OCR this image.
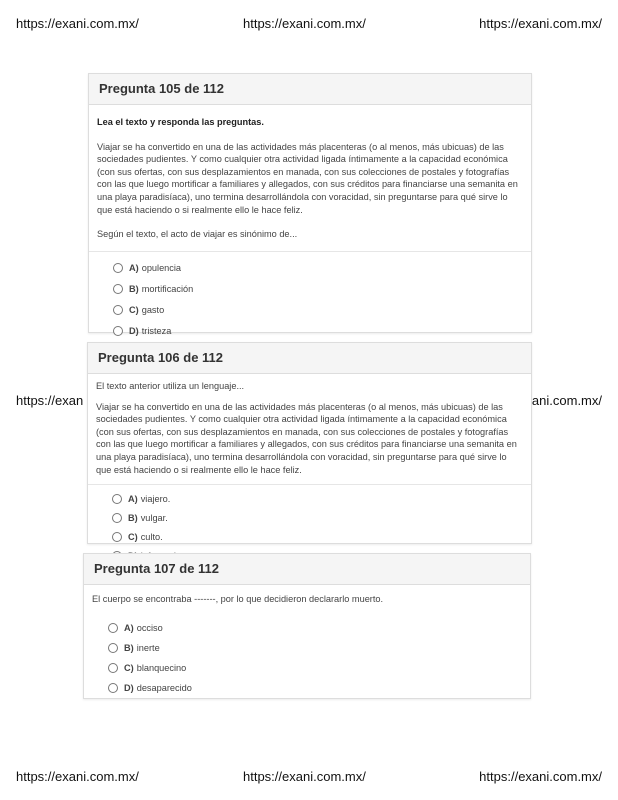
https://exani.com.mx/	https://exani.com.mx/	https://exani.com.mx/
https://exan	ani.com.mx/
Pregunta 105 de 112
Lea el texto y responda las preguntas.
Viajar se ha convertido en una de las actividades más placenteras (o al menos, más ubicuas) de las sociedades pudientes. Y como cualquier otra actividad ligada íntimamente a la capacidad económica (con sus ofertas, con sus desplazamientos en manada, con sus colecciones de postales y fotografías con las que luego mortificar a familiares y allegados, con sus créditos para financiarse una semanita en una playa paradisíaca), uno termina desarrollándola con voracidad, sin preguntarse para qué sirve lo que está haciendo o si realmente ello le hace feliz.
Según el texto, el acto de viajar es sinónimo de...
A) opulencia
B) mortificación
C) gasto
D) tristeza
Pregunta 106 de 112
El texto anterior utiliza un lenguaje...
Viajar se ha convertido en una de las actividades más placenteras (o al menos, más ubicuas) de las sociedades pudientes. Y como cualquier otra actividad ligada íntimamente a la capacidad económica (con sus ofertas, con sus desplazamientos en manada, con sus colecciones de postales y fotografías con las que luego mortificar a familiares y allegados, con sus créditos para financiarse una semanita en una playa paradisíaca), uno termina desarrollándola con voracidad, sin preguntarse para qué sirve lo que está haciendo o si realmente ello le hace feliz.
A) viajero.
B) vulgar.
C) culto.
Pregunta 107 de 112
El cuerpo se encontraba -------, por lo que decidieron declararlo muerto.
A) occiso
B) inerte
C) blanquecino
D) desaparecido
https://exani.com.mx/	https://exani.com.mx/	https://exani.com.mx/
